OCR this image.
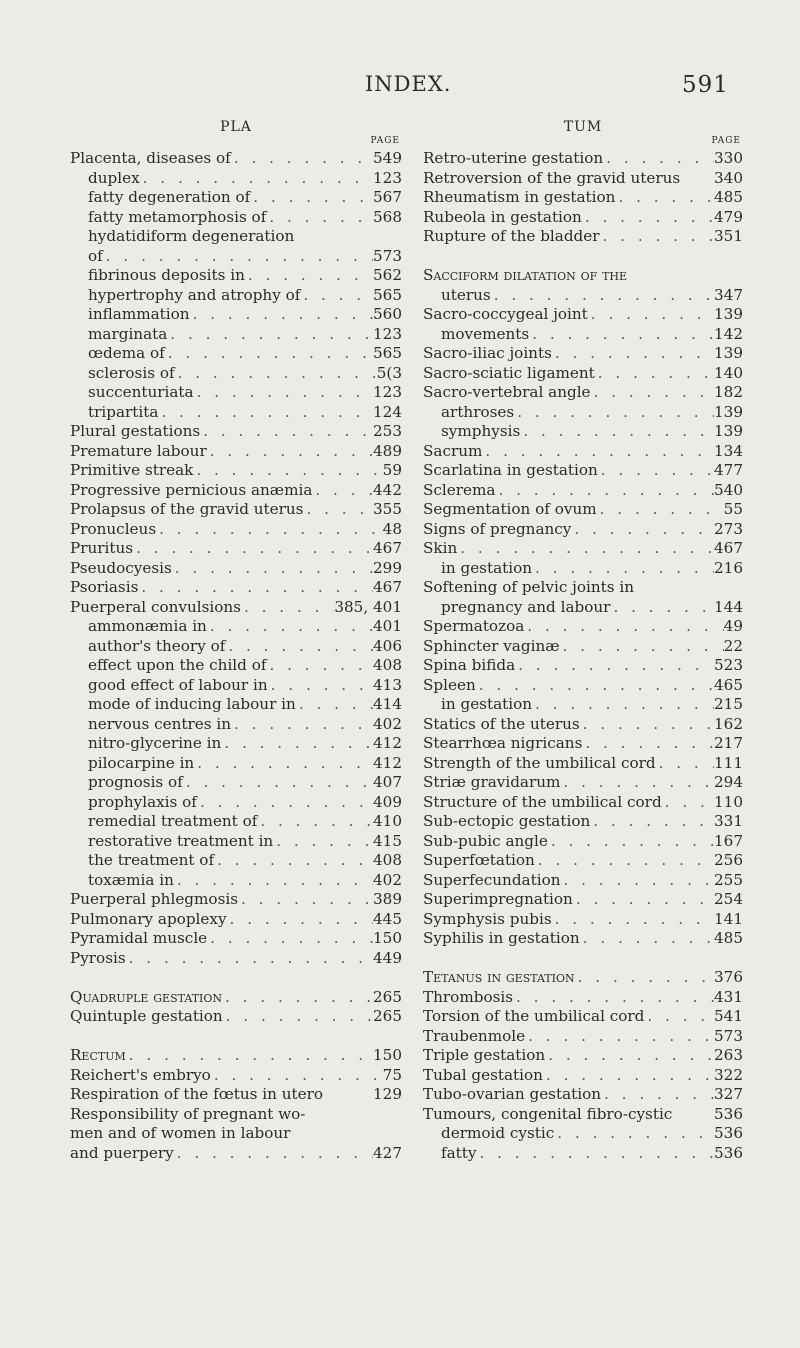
INDEX.	591
PLA
PAGE
Placenta, diseases of . . .	549
duplex . . .	123
fatty degeneration of . . .	567
fatty metamorphosis of . . .	568
hydatidiform degeneration
of . . .	573
fibrinous deposits in . . .	562
hypertrophy and atrophy of . . .	565
inflammation . . .	560
marginata . . .	123
œdema of . . .	565
sclerosis of . . .	5(3
succenturiata . . .	123
tripartita . . .	124
Plural gestations . . .	253
Premature labour . . .	489
Primitive streak . . .	59
Progressive pernicious anæmia . . .	442
Prolapsus of the gravid uterus . . .	355
Pronucleus . . .	48
Pruritus . . .	467
Pseudocyesis . . .	299
Psoriasis . . .	467
Puerperal convulsions . . .	385, 401
ammonæmia in . . .	401
author's theory of . . .	406
effect upon the child of . . .	408
good effect of labour in . . .	413
mode of inducing labour in . . .	414
nervous centres in . . .	402
nitro-glycerine in . . .	412
pilocarpine in . . .	412
prognosis of . . .	407
prophylaxis of . . .	409
remedial treatment of . . .	410
restorative treatment in . . .	415
the treatment of . . .	408
toxæmia in . . .	402
Puerperal phlegmosis . . .	389
Pulmonary apoplexy . . .	445
Pyramidal muscle . . .	150
Pyrosis . . .	449
Quadruple gestation . . .	265
Quintuple gestation . . .	265
Rectum . . .	150
Reichert's embryo . . .	75
Respiration of the fœtus in utero	129
Responsibility of pregnant wo-
men and of women in labour
and puerpery . . .	427
TUM
PAGE
Retro-uterine gestation . . .	330
Retroversion of the gravid uterus 340
Rheumatism in gestation . . .	485
Rubeola in gestation . . .	479
Rupture of the bladder . . .	351
Sacciform dilatation of the
uterus . . .	347
Sacro-coccygeal joint . . .	139
movements . . .	142
Sacro-iliac joints . . .	139
Sacro-sciatic ligament . . .	140
Sacro-vertebral angle . . .	182
arthroses . . .	139
symphysis . . .	139
Sacrum . . .	134
Scarlatina in gestation . . .	477
Sclerema . . .	540
Segmentation of ovum . . .	55
Signs of pregnancy . . .	273
Skin . . .	467
in gestation . . .	216
Softening of pelvic joints in
pregnancy and labour . . .	144
Spermatozoa . . .	49
Sphincter vaginæ . . .	22
Spina bifida . . .	523
Spleen . . .	465
in gestation . . .	215
Statics of the uterus . . .	162
Stearrhœa nigricans . . .	217
Strength of the umbilical cord . . .	111
Striæ gravidarum . . .	294
Structure of the umbilical cord . . .	110
Sub-ectopic gestation . . .	331
Sub-pubic angle . . .	167
Superfœtation . . .	256
Superfecundation . . .	255
Superimpregnation . . .	254
Symphysis pubis . . .	141
Syphilis in gestation . . .	485
Tetanus in gestation . . .	376
Thrombosis . . .	431
Torsion of the umbilical cord . . .	541
Traubenmole . . .	573
Triple gestation . . .	263
Tubal gestation . . .	322
Tubo-ovarian gestation . . .	327
Tumours, congenital fibro-cystic	536
dermoid cystic . . .	536
fatty . . .	536
